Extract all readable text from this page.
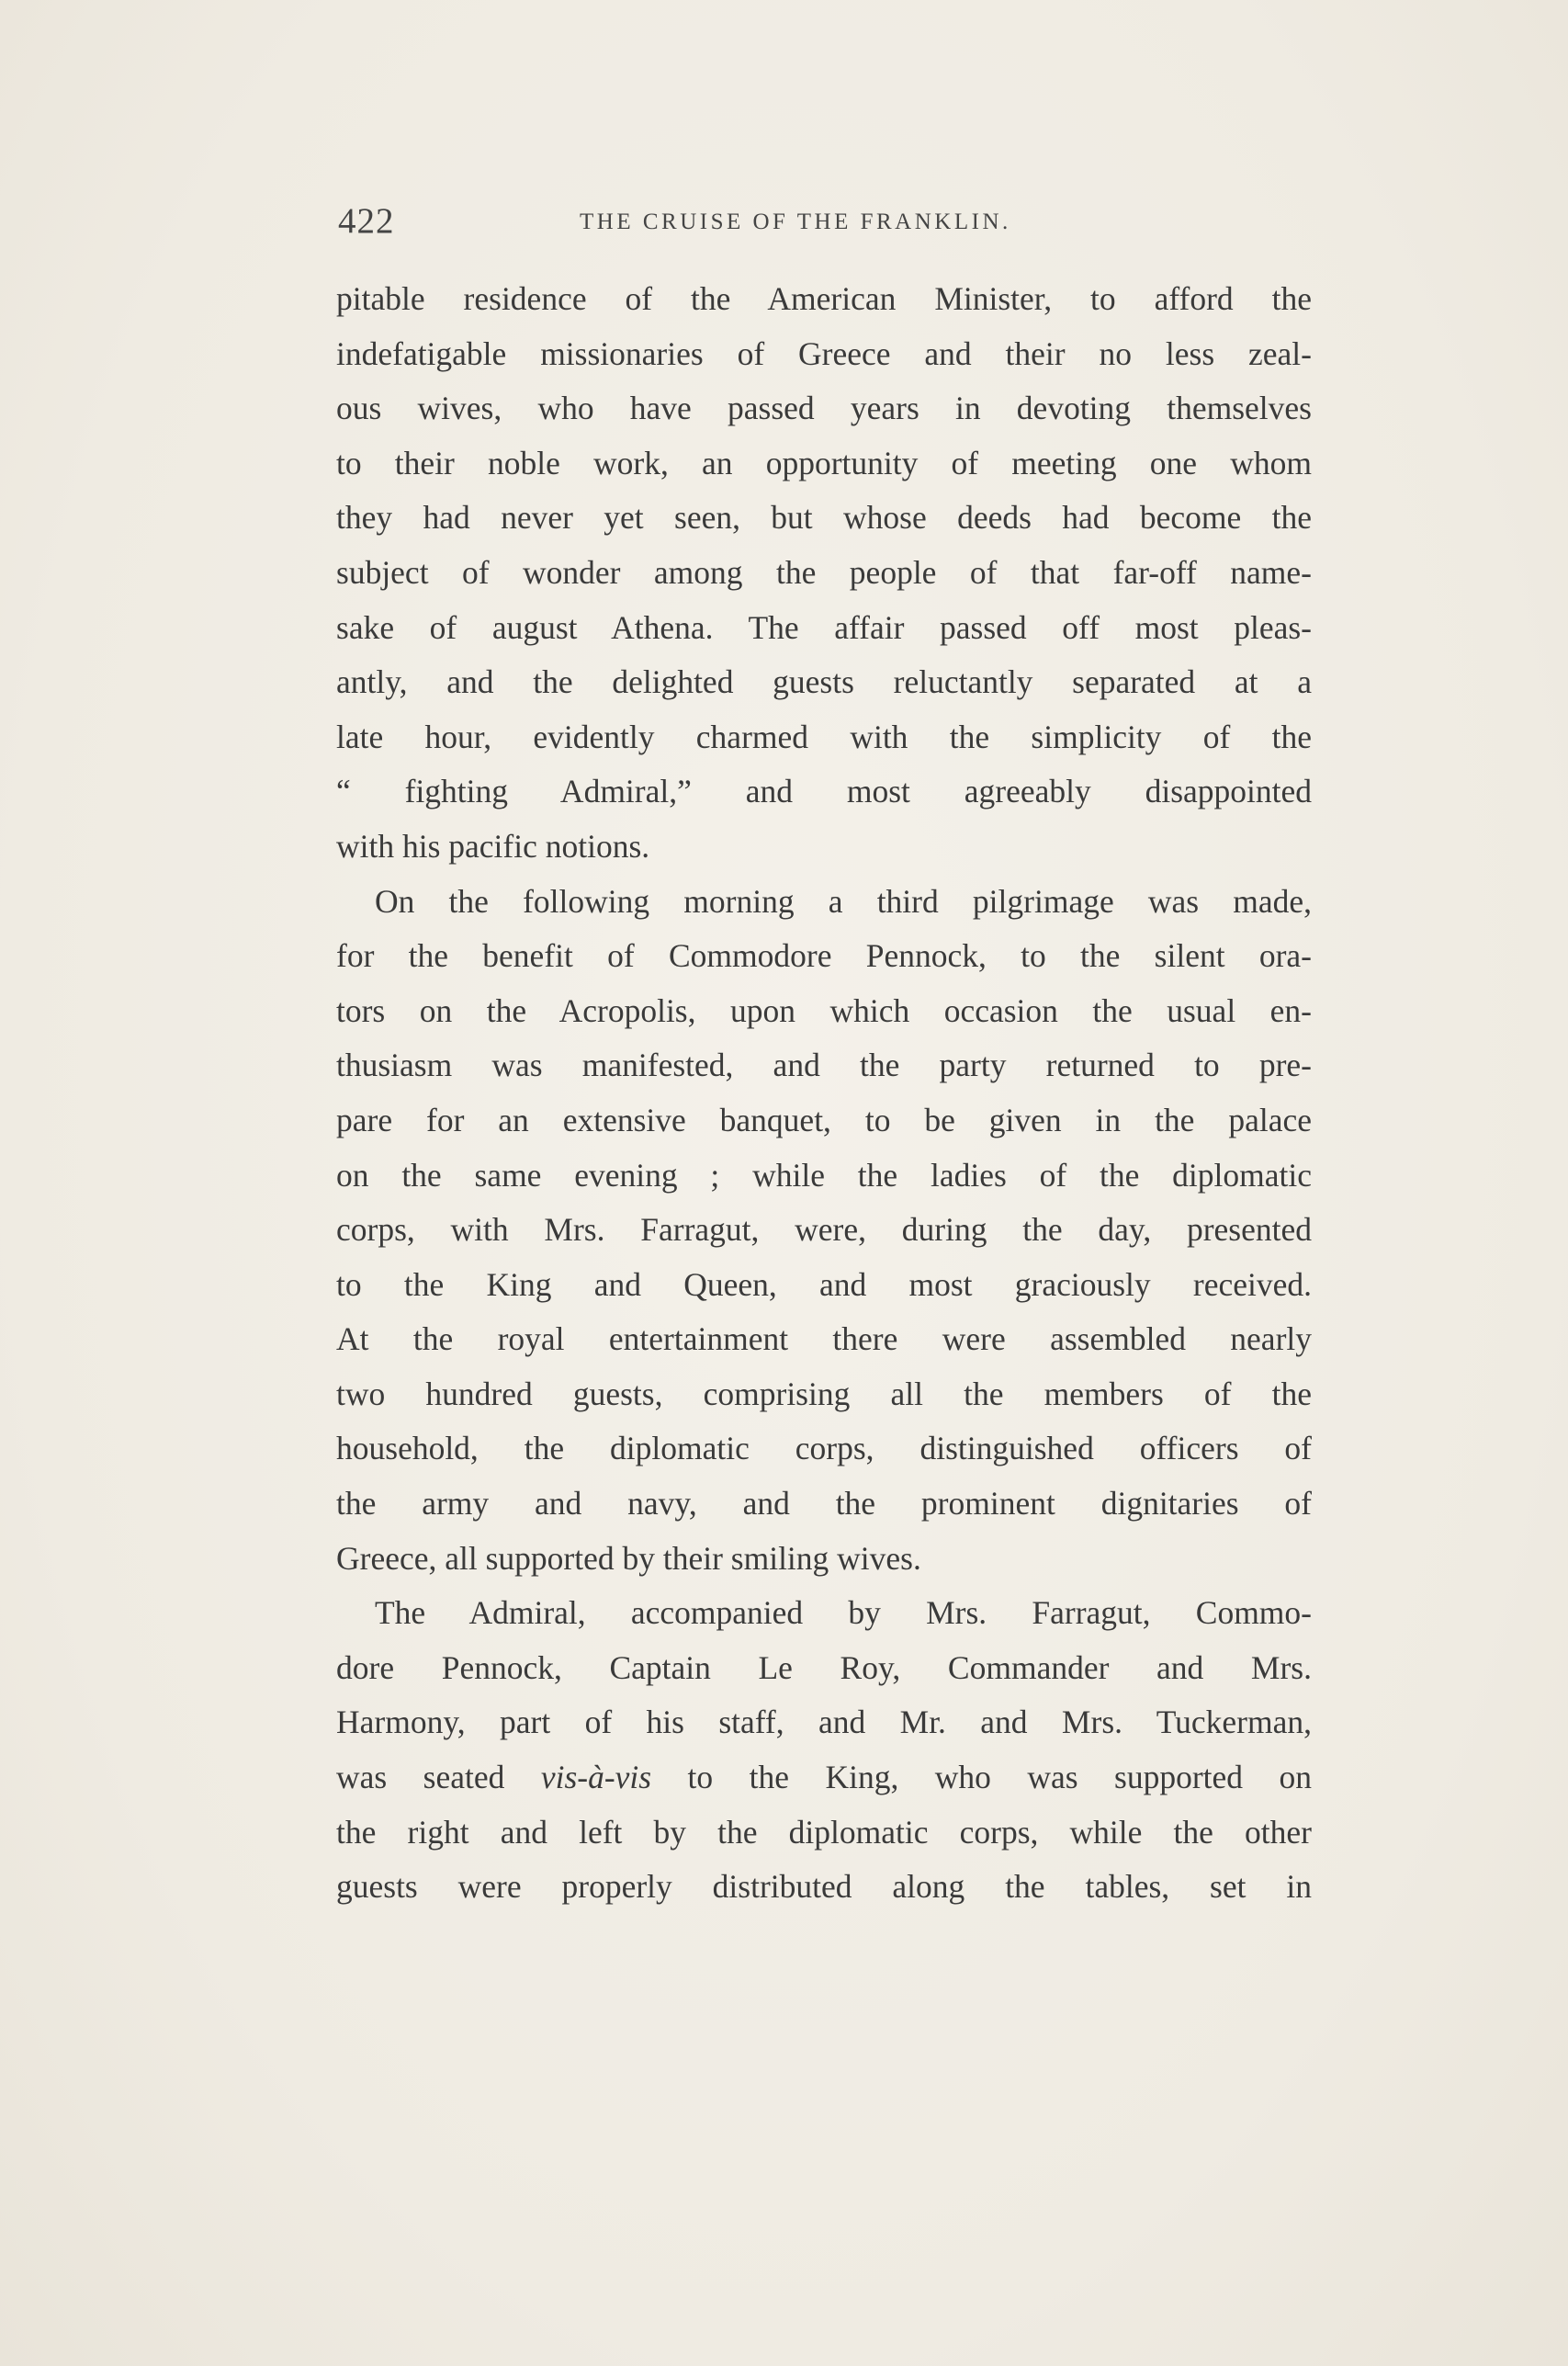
422	THE CRUISE OF THE FRANKLIN.
pitable residence of the American Minister, to afford the
indefatigable missionaries of Greece and their no less zeal-
ous wives, who have passed years in devoting themselves
to their noble work, an opportunity of meeting one whom
they had never yet seen, but whose deeds had become the
subject of wonder among the people of that far-off name-
sake of august Athena. The affair passed off most pleas-
antly, and the delighted guests reluctantly separated at a
late hour, evidently charmed with the simplicity of the
“ fighting Admiral,” and most agreeably disappointed
with his pacific notions.
On the following morning a third pilgrimage was made,
for the benefit of Commodore Pennock, to the silent ora-
tors on the Acropolis, upon which occasion the usual en-
thusiasm was manifested, and the party returned to pre-
pare for an extensive banquet, to be given in the palace
on the same evening ; while the ladies of the diplomatic
corps, with Mrs. Farragut, were, during the day, presented
to the King and Queen, and most graciously received.
At the royal entertainment there were assembled nearly
two hundred guests, comprising all the members of the
household, the diplomatic corps, distinguished officers of
the army and navy, and the prominent dignitaries of
Greece, all supported by their smiling wives.
The Admiral, accompanied by Mrs. Farragut, Commo-
dore Pennock, Captain Le Roy, Commander and Mrs.
Harmony, part of his staff, and Mr. and Mrs. Tuckerman,
was seated vis-à-vis to the King, who was supported on
the right and left by the diplomatic corps, while the other
guests were properly distributed along the tables, set in
